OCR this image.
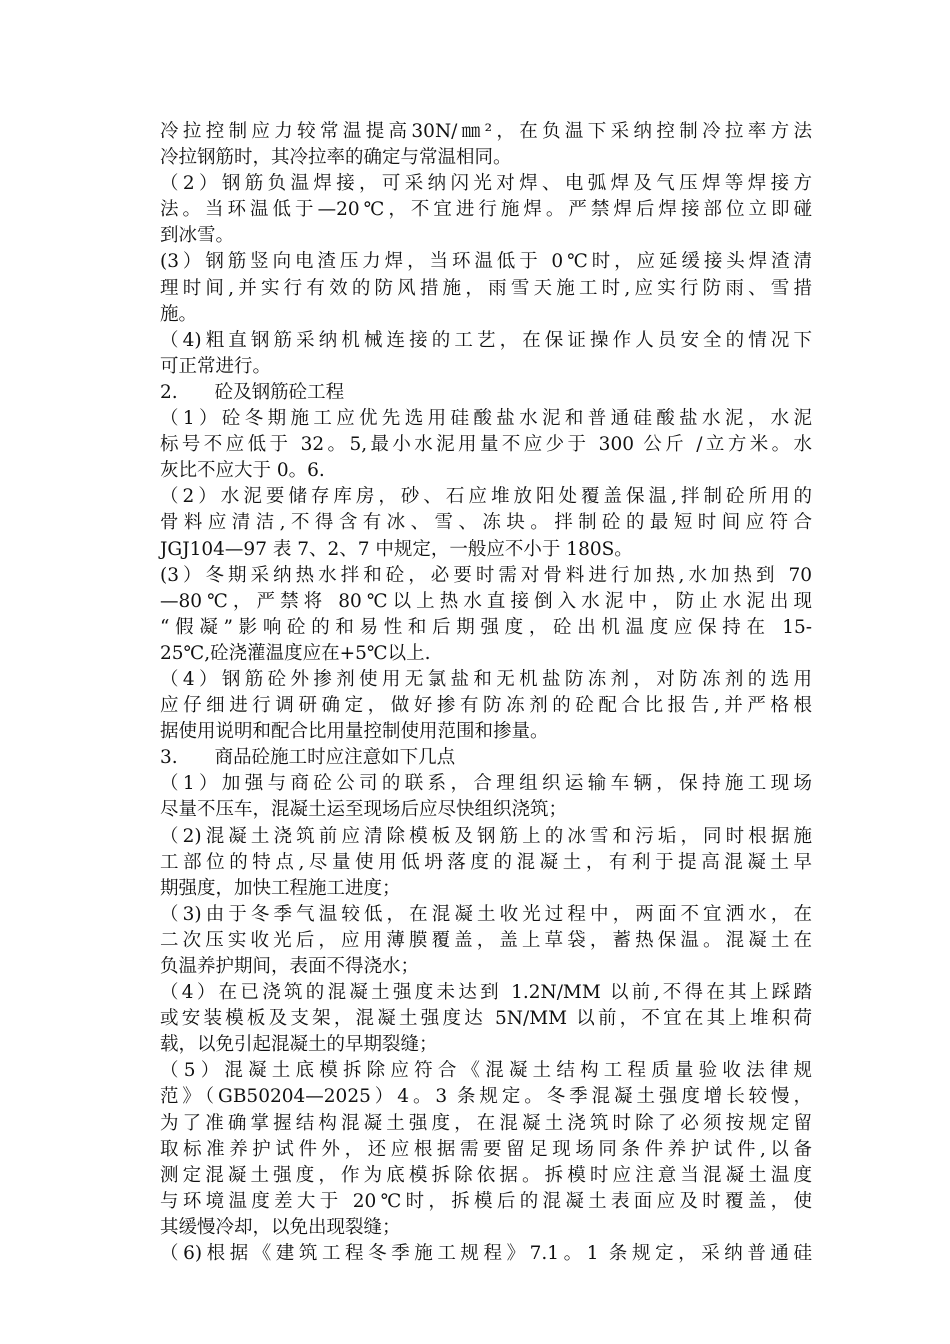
冷拉控制应力较常温提高30N/㎜²，在负温下采纳控制冷拉率方法
冷拉钢筋时，其冷拉率的确定与常温相同。
（2）钢筋负温焊接，可采纳闪光对焊、电弧焊及气压焊等焊接方
法。当环温低于—20℃，不宜进行施焊。严禁焊后焊接部位立即碰
到冰雪。
(3）钢筋竖向电渣压力焊，当环温低于 0℃时，应延缓接头焊渣清
理时间,并实行有效的防风措施，雨雪天施工时,应实行防雨、雪措
施。
（4)粗直钢筋采纳机械连接的工艺，在保证操作人员安全的情况下
可正常进行。
2.　　砼及钢筋砼工程
（1）砼冬期施工应优先选用硅酸盐水泥和普通硅酸盐水泥，水泥
标号不应低于 32。5,最小水泥用量不应少于 300 公斤 /立方米。水
灰比不应大于 0。6.
（2）水泥要储存库房，砂、石应堆放阳处覆盖保温,拌制砼所用的
骨料应清洁,不得含有冰、雪、冻块。拌制砼的最短时间应符合
JGJ104—97 表 7、2、7 中规定，一般应不小于 180S。
(3）冬期采纳热水拌和砼，必要时需对骨料进行加热,水加热到 70
—80℃，严禁将 80℃以上热水直接倒入水泥中，防止水泥出现
“假凝”影响砼的和易性和后期强度，砼出机温度应保持在 15-
25℃,砼浇灌温度应在+5℃以上.
（4）钢筋砼外掺剂使用无氯盐和无机盐防冻剂，对防冻剂的选用
应仔细进行调研确定，做好掺有防冻剂的砼配合比报告,并严格根
据使用说明和配合比用量控制使用范围和掺量。
3.　　商品砼施工时应注意如下几点
（1）加强与商砼公司的联系，合理组织运输车辆，保持施工现场
尽量不压车，混凝土运至现场后应尽快组织浇筑；
（2)混凝土浇筑前应清除模板及钢筋上的冰雪和污垢，同时根据施
工部位的特点,尽量使用低坍落度的混凝土，有利于提高混凝土早
期强度，加快工程施工进度；
（3)由于冬季气温较低，在混凝土收光过程中，两面不宜洒水，在
二次压实收光后，应用薄膜覆盖，盖上草袋，蓄热保温。混凝土在
负温养护期间，表面不得浇水；
（4）在已浇筑的混凝土强度未达到 1.2N/MM 以前,不得在其上踩踏
或安装模板及支架，混凝土强度达 5N/MM 以前，不宜在其上堆积荷
载，以免引起混凝土的早期裂缝；
（5）混凝土底模拆除应符合《混凝土结构工程质量验收法律规
范》（GB50204—2025）4。3 条规定。冬季混凝土强度增长较慢，
为了准确掌握结构混凝土强度，在混凝土浇筑时除了必须按规定留
取标准养护试件外，还应根据需要留足现场同条件养护试件,以备
测定混凝土强度，作为底模拆除依据。拆模时应注意当混凝土温度
与环境温度差大于 20℃时，拆模后的混凝土表面应及时覆盖，使
其缓慢冷却，以免出现裂缝；
（6)根据《建筑工程冬季施工规程》7.1。1 条规定，采纳普通硅
